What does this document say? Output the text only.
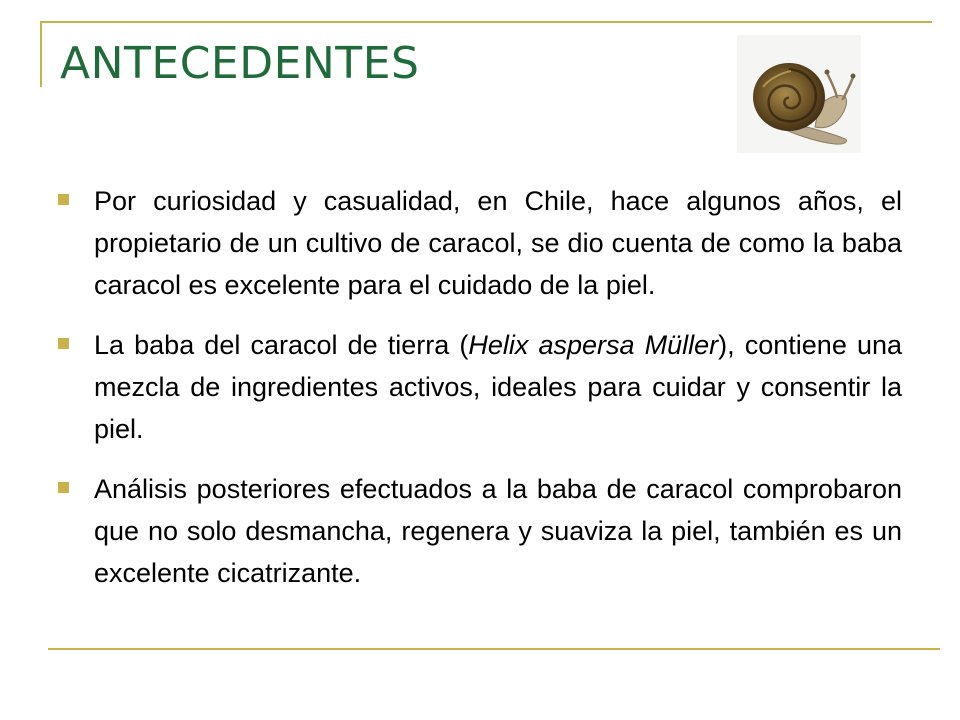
ANTECEDENTES

Por curiosidad y casualidad, en Chile, hace algunos años, el propietario de un cultivo de caracol, se dio cuenta de como la baba caracol es excelente para el cuidado de la piel.

La baba del caracol de tierra (Helix aspersa Müller), contiene una mezcla de ingredientes activos, ideales para cuidar y consentir la piel.

Análisis posteriores efectuados a la baba de caracol comprobaron que no solo desmancha, regenera y suaviza la piel, también es un excelente cicatrizante.
